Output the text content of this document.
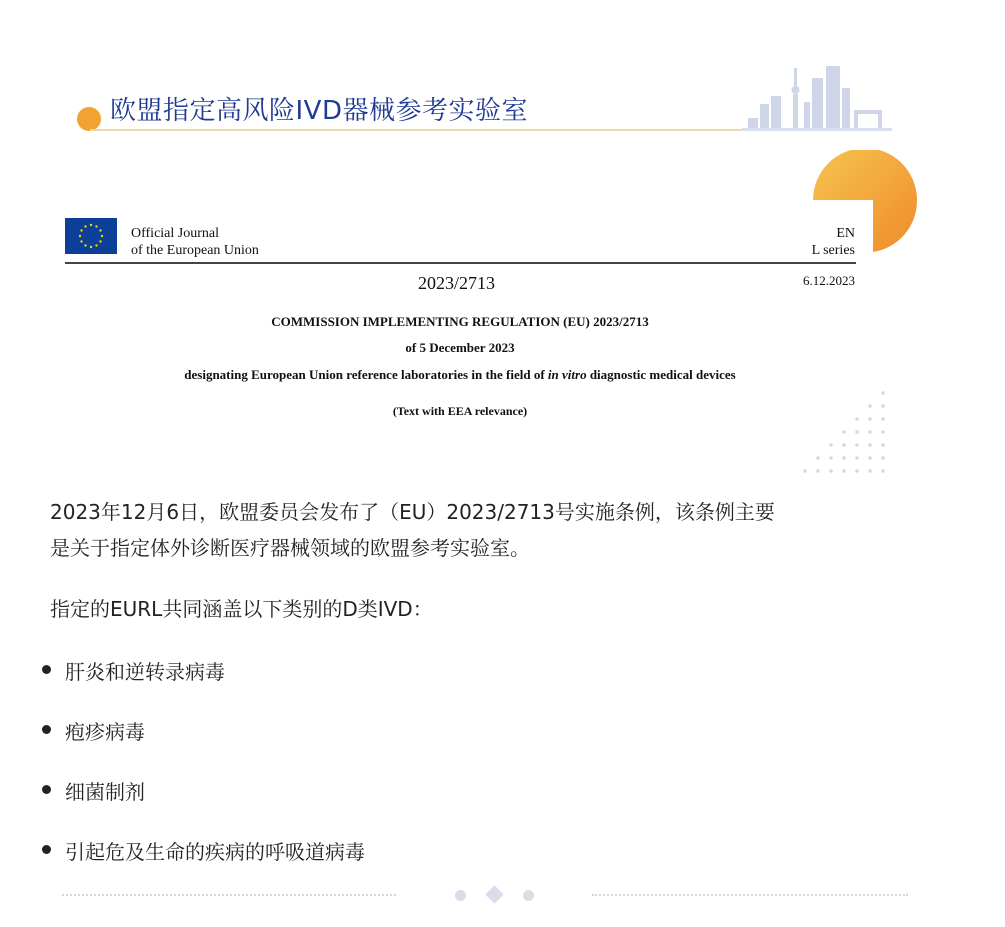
欧盟指定高风险IVD器械参考实验室
Official Journal
of the European Union
EN
L series
2023/2713	6.12.2023
COMMISSION IMPLEMENTING REGULATION (EU) 2023/2713
of 5 December 2023
designating European Union reference laboratories in the field of in vitro diagnostic medical devices
(Text with EEA relevance)
2023年12月6日，欧盟委员会发布了（EU）2023/2713号实施条例，该条例主要
是关于指定体外诊断医疗器械领域的欧盟参考实验室。
指定的EURL共同涵盖以下类别的D类IVD：
肝炎和逆转录病毒
疱疹病毒
细菌制剂
引起危及生命的疾病的呼吸道病毒
